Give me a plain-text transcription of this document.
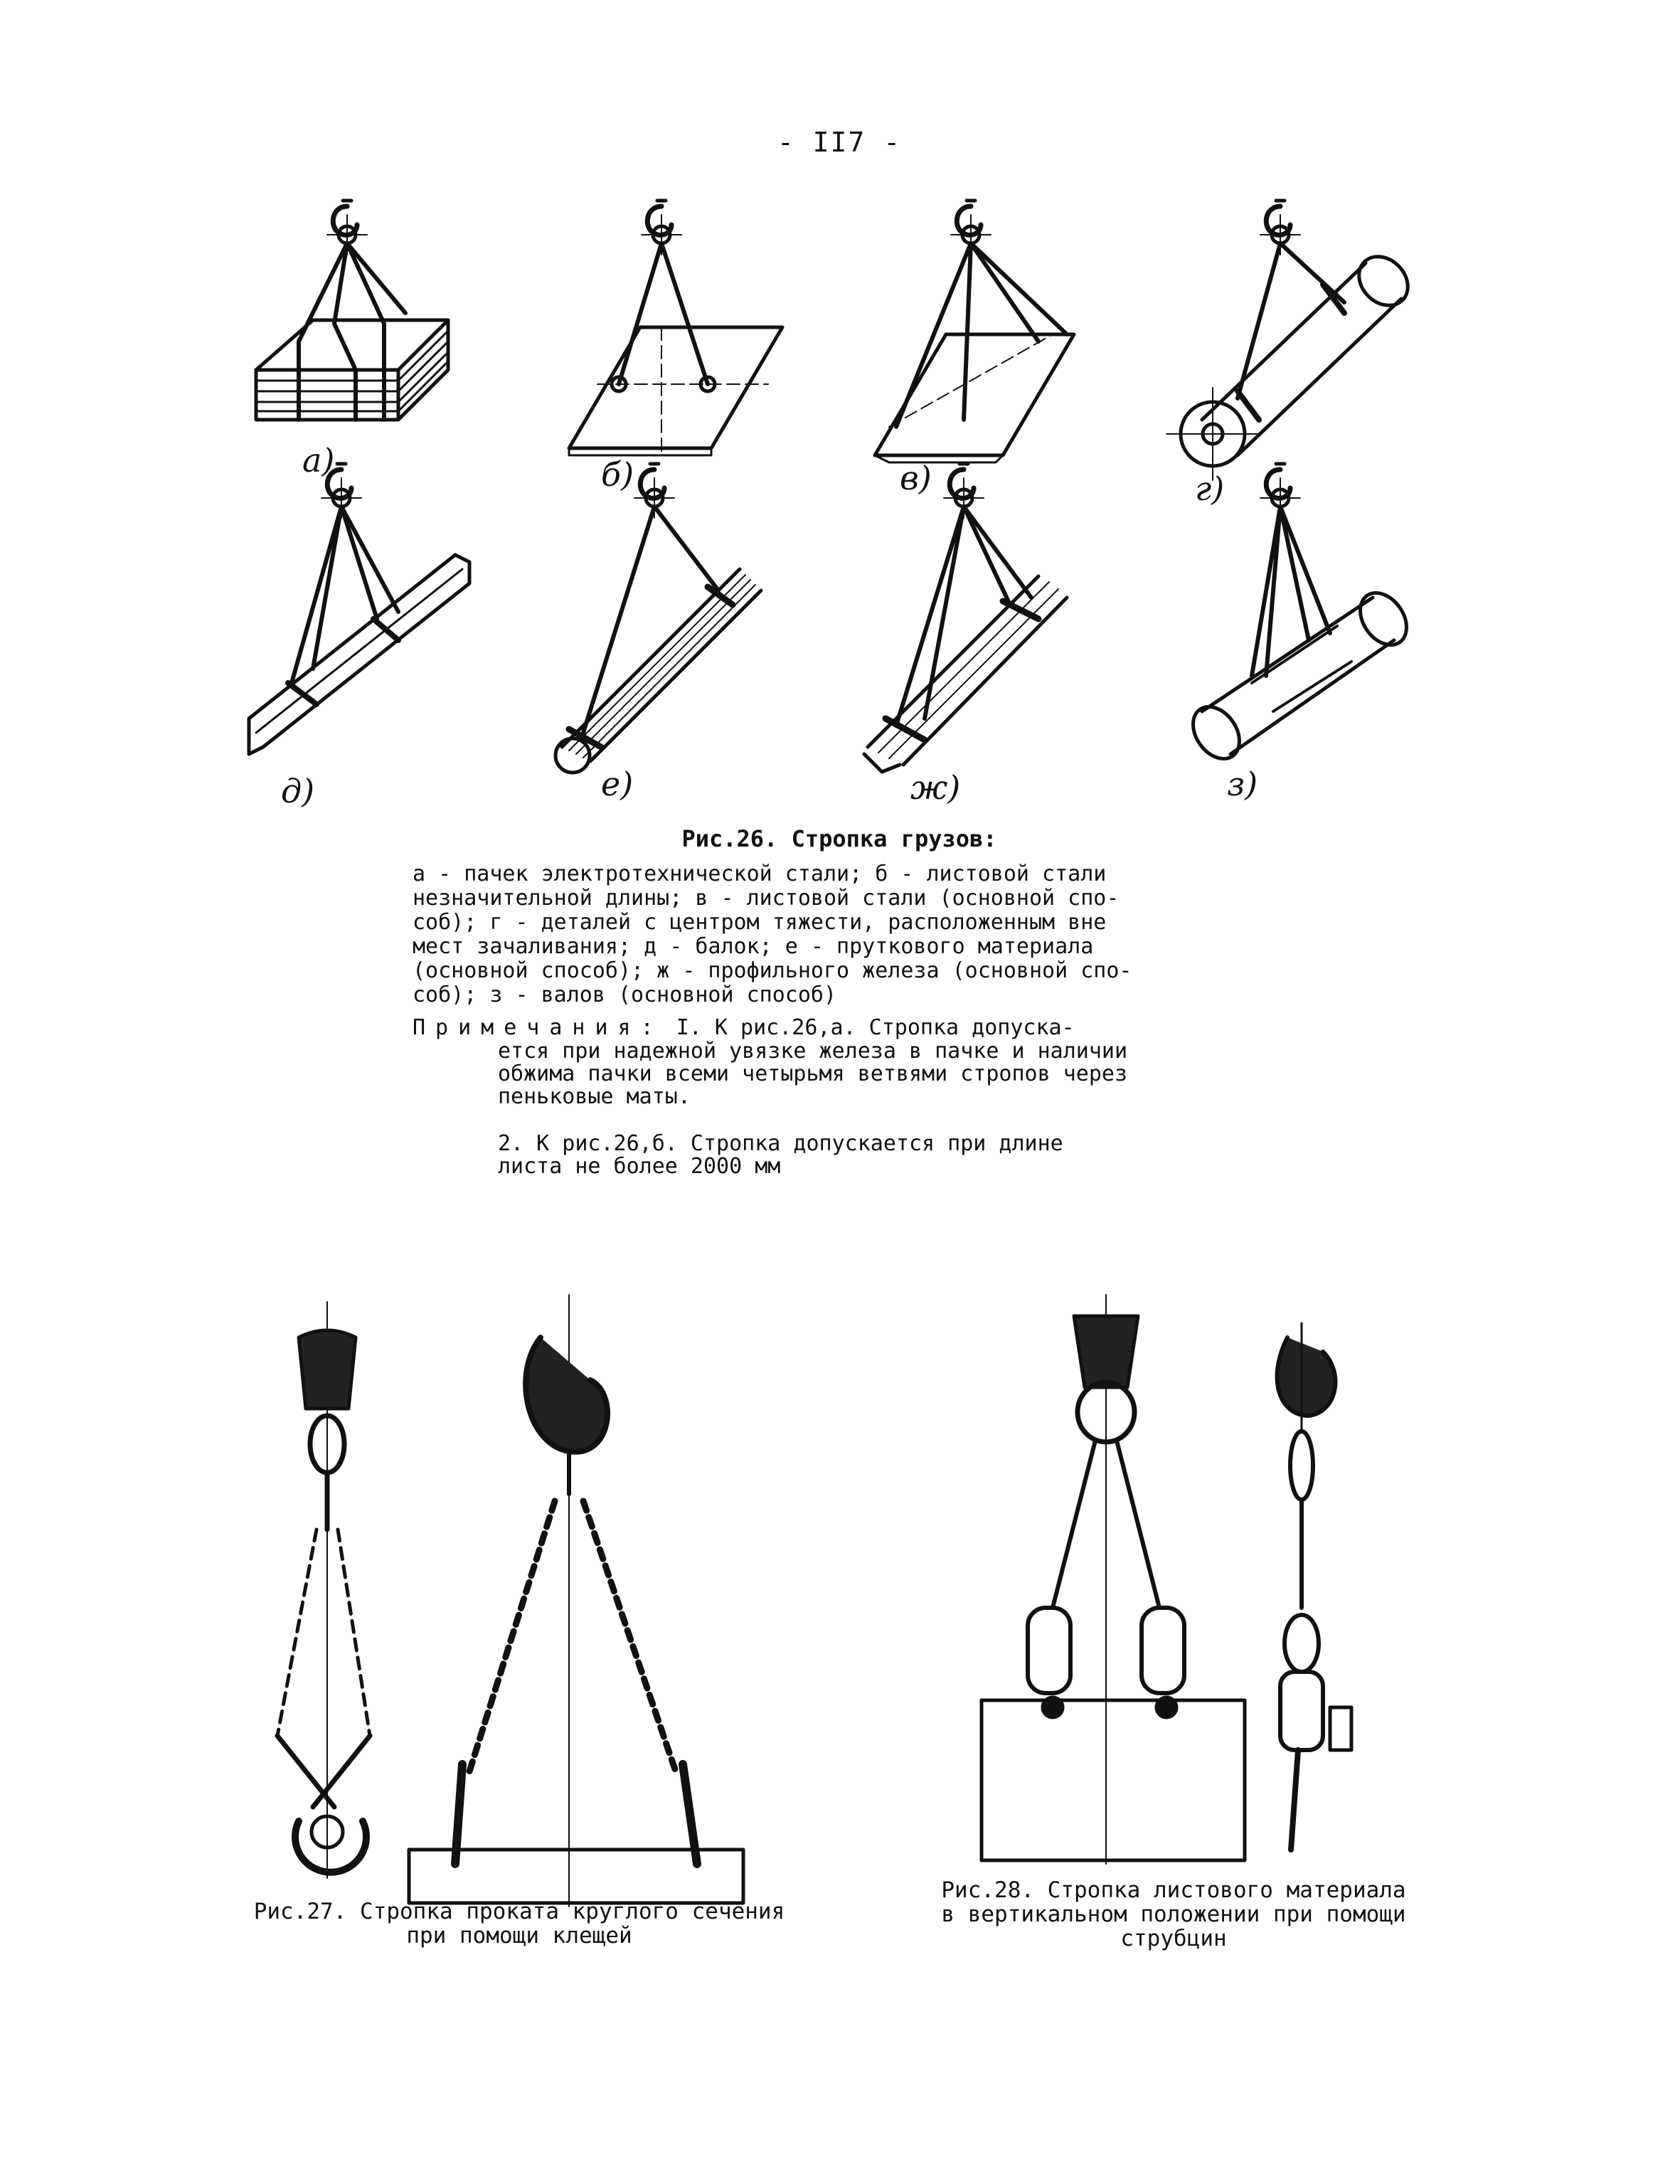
- II7 -
а)	б)	в)	г)
д)	е)	ж)	з)
Рис.26. Стропка грузов:
а - пачек электротехнической стали; б - листовой стали
незначительной длины; в - листовой стали (основной спо-
соб); г - деталей с центром тяжести, расположенным вне
мест зачаливания; д - балок; е - пруткового материала
(основной способ); ж - профильного железа (основной спо-
соб); з - валов (основной способ)
Примечания: I. К рис.26,а. Стропка допуска-
ется при надежной увязке железа в пачке и наличии
обжима пачки всеми четырьмя ветвями стропов через
пеньковые маты.
2. К рис.26,б. Стропка допускается при длине
листа не более 2000 мм
Рис.27. Стропка проката круглого сечения
при помощи клещей
Рис.28. Стропка листового материала
в вертикальном положении при помощи
струбцин
